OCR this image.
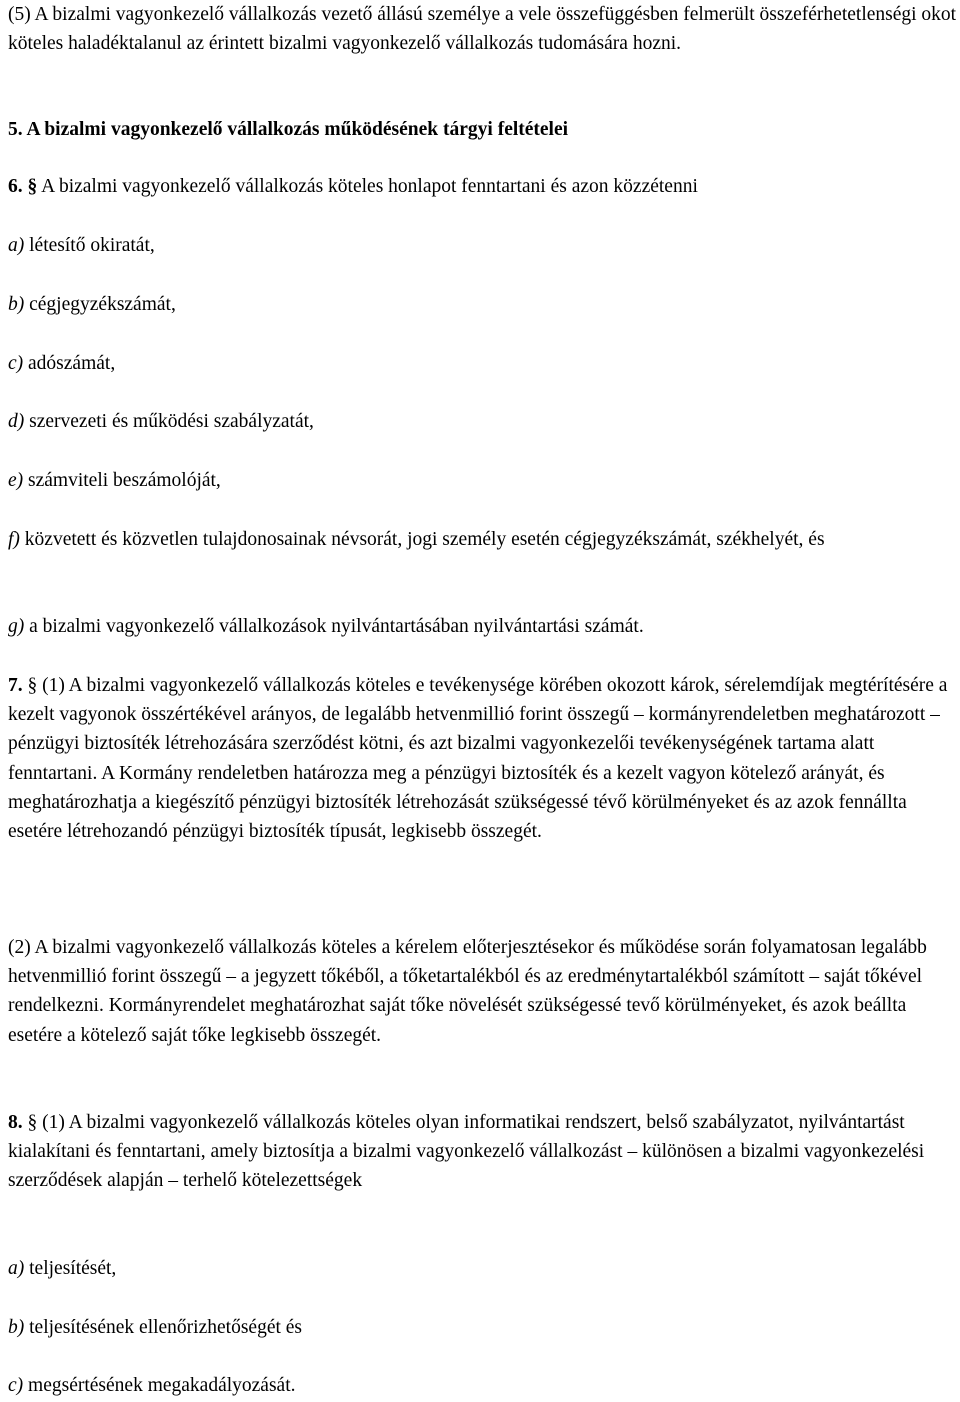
(5) A bizalmi vagyonkezelő vállalkozás vezető állású személye a vele összefüggésben felmerült összeférhetetlenségi okot köteles haladéktalanul az érintett bizalmi vagyonkezelő vállalkozás tudomására hozni.

5. A bizalmi vagyonkezelő vállalkozás működésének tárgyi feltételei

6. § A bizalmi vagyonkezelő vállalkozás köteles honlapot fenntartani és azon közzétenni

a) létesítő okiratát,

b) cégjegyzékszámát,

c) adószámát,

d) szervezeti és működési szabályzatát,

e) számviteli beszámolóját,

f) közvetett és közvetlen tulajdonosainak névsorát, jogi személy esetén cégjegyzékszámát, székhelyét, és

g) a bizalmi vagyonkezelő vállalkozások nyilvántartásában nyilvántartási számát.

7. § (1) A bizalmi vagyonkezelő vállalkozás köteles e tevékenysége körében okozott károk, sérelemdíjak megtérítésére a kezelt vagyonok összértékével arányos, de legalább hetvenmillió forint összegű – kormányrendeletben meghatározott – pénzügyi biztosíték létrehozására szerződést kötni, és azt bizalmi vagyonkezelői tevékenységének tartama alatt fenntartani. A Kormány rendeletben határozza meg a pénzügyi biztosíték és a kezelt vagyon kötelező arányát, és meghatározhatja a kiegészítő pénzügyi biztosíték létrehozását szükségessé tévő körülményeket és az azok fennállta esetére létrehozandó pénzügyi biztosíték típusát, legkisebb összegét.

(2) A bizalmi vagyonkezelő vállalkozás köteles a kérelem előterjesztésekor és működése során folyamatosan legalább hetvenmillió forint összegű – a jegyzett tőkéből, a tőketartalékból és az eredménytartalékból számított – saját tőkével rendelkezni. Kormányrendelet meghatározhat saját tőke növelését szükségessé tevő körülményeket, és azok beállta esetére a kötelező saját tőke legkisebb összegét.

8. § (1) A bizalmi vagyonkezelő vállalkozás köteles olyan informatikai rendszert, belső szabályzatot, nyilvántartást kialakítani és fenntartani, amely biztosítja a bizalmi vagyonkezelő vállalkozást – különösen a bizalmi vagyonkezelési szerződések alapján – terhelő kötelezettségek

a) teljesítését,

b) teljesítésének ellenőrizhetőségét és

c) megsértésének megakadályozását.
